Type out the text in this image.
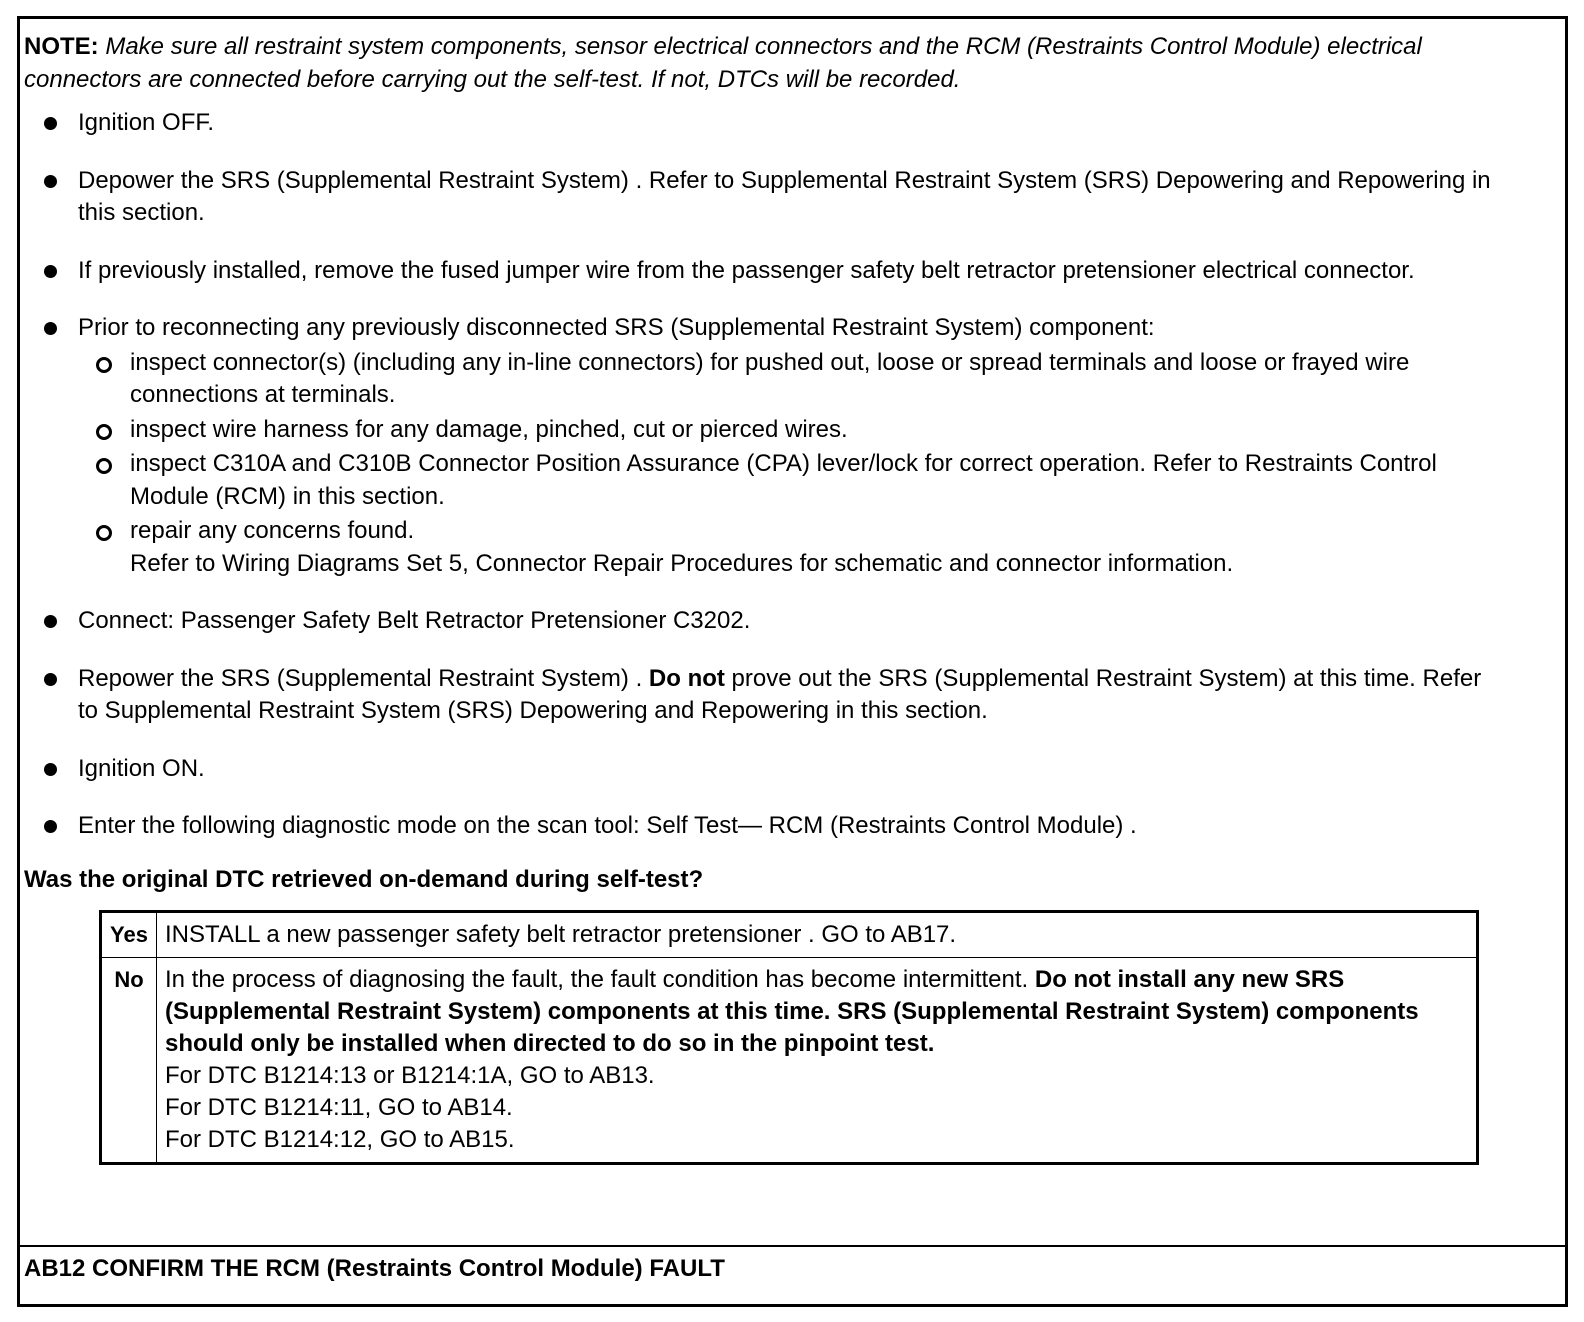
NOTE: Make sure all restraint system components, sensor electrical connectors and the RCM (Restraints Control Module) electrical connectors are connected before carrying out the self-test. If not, DTCs will be recorded.

Ignition OFF.
Depower the SRS (Supplemental Restraint System) . Refer to Supplemental Restraint System (SRS) Depowering and Repowering in this section.
If previously installed, remove the fused jumper wire from the passenger safety belt retractor pretensioner electrical connector.
Prior to reconnecting any previously disconnected SRS (Supplemental Restraint System) component:
inspect connector(s) (including any in-line connectors) for pushed out, loose or spread terminals and loose or frayed wire connections at terminals.
inspect wire harness for any damage, pinched, cut or pierced wires.
inspect C310A and C310B Connector Position Assurance (CPA) lever/lock for correct operation. Refer to Restraints Control Module (RCM) in this section.
repair any concerns found.
Refer to Wiring Diagrams Set 5, Connector Repair Procedures for schematic and connector information.
Connect: Passenger Safety Belt Retractor Pretensioner C3202.
Repower the SRS (Supplemental Restraint System) . Do not prove out the SRS (Supplemental Restraint System) at this time. Refer to Supplemental Restraint System (SRS) Depowering and Repowering in this section.
Ignition ON.
Enter the following diagnostic mode on the scan tool: Self Test— RCM (Restraints Control Module) .
Was the original DTC retrieved on-demand during self-test?
Yes	INSTALL a new passenger safety belt retractor pretensioner . GO to AB17.
No	In the process of diagnosing the fault, the fault condition has become intermittent. Do not install any new SRS (Supplemental Restraint System) components at this time. SRS (Supplemental Restraint System) components should only be installed when directed to do so in the pinpoint test.
For DTC B1214:13 or B1214:1A, GO to AB13.
For DTC B1214:11, GO to AB14.
For DTC B1214:12, GO to AB15.
AB12 CONFIRM THE RCM (Restraints Control Module) FAULT
